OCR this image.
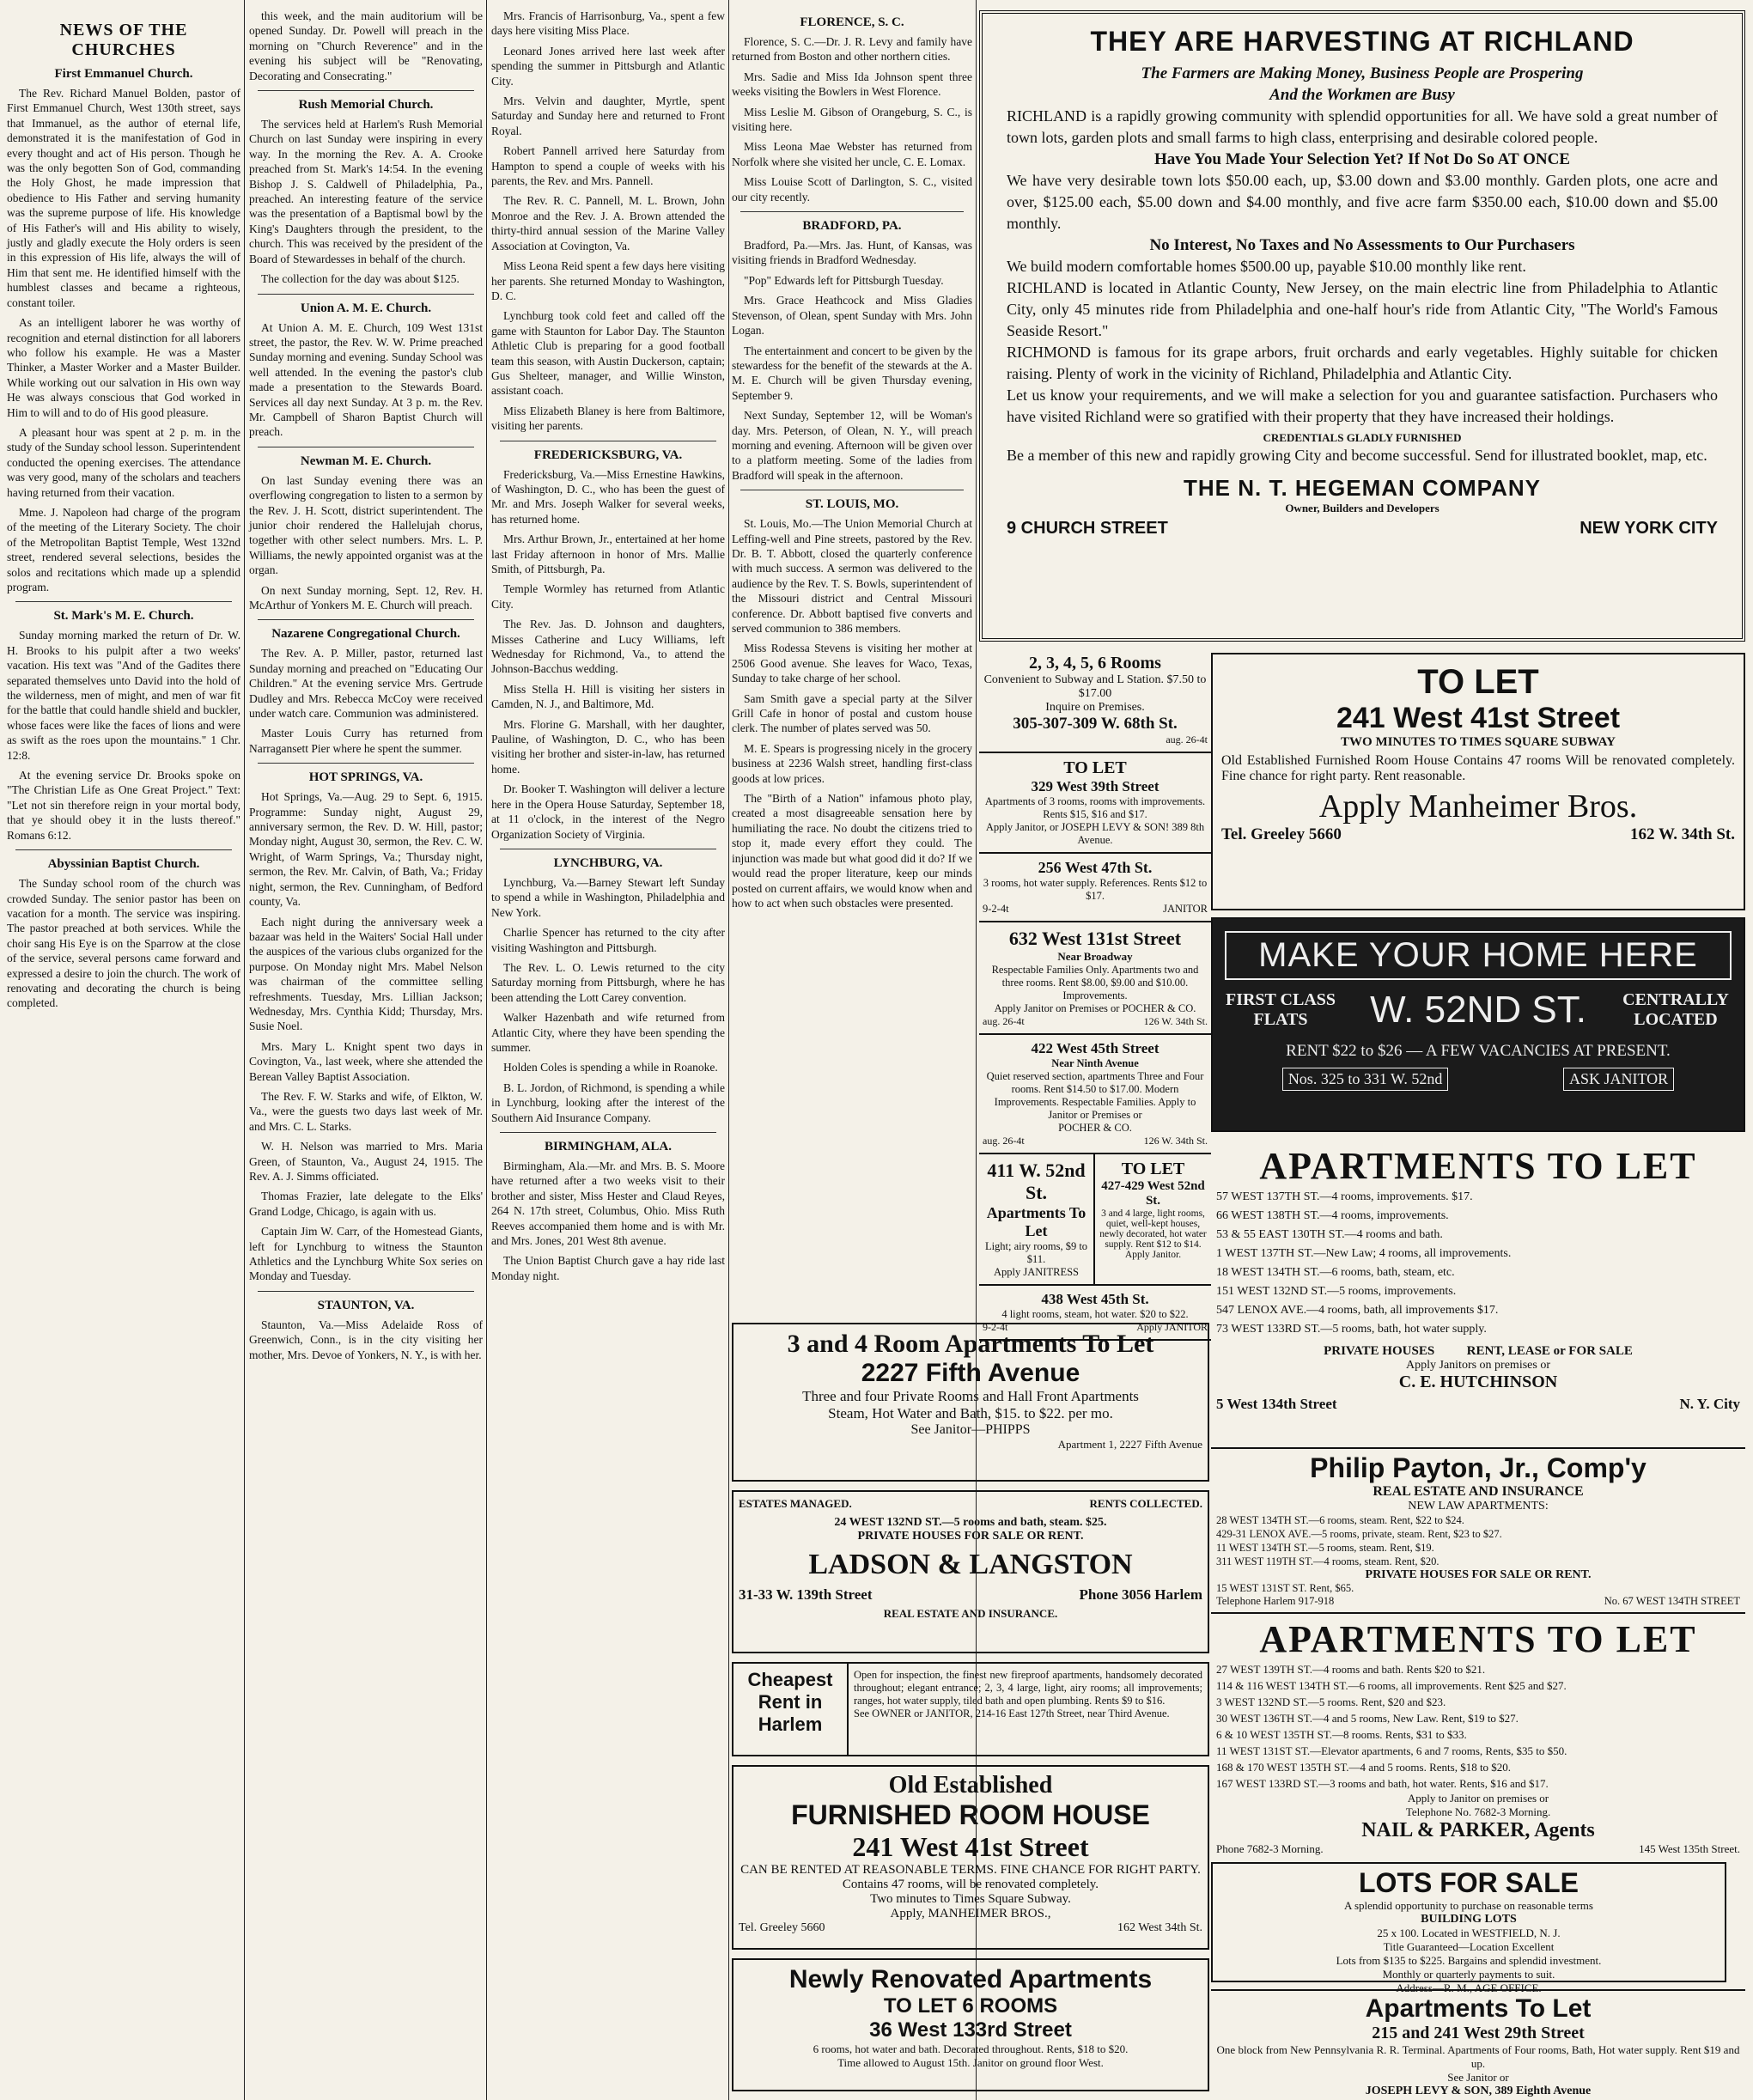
NEWS OF THE CHURCHES
First Emmanuel Church.

The Rev. Richard Manuel Bolden, pastor of First Emmanuel Church, West 130th street, says that Immanuel, as the author of eternal life, demonstrated it is the manifestation of God in every thought and act of His person. Though he was the only begotten Son of God, commanding the Holy Ghost, he made impression that obedience to His Father and serving humanity was the supreme purpose of life. His knowledge of His Father's will and His ability to wisely, justly and gladly execute the Holy orders is seen in this expression of His life, always the will of Him that sent me. He identified himself with the humblest classes and became a righteous, constant toiler.

As an intelligent laborer he was worthy of recognition and eternal distinction for all laborers who follow his example. He was a Master Thinker, a Master Worker and a Master Builder. While working out our salvation in His own way He was always conscious that God worked in Him to will and to do of His good pleasure.

A pleasant hour was spent at 2 p. m. in the study of the Sunday school lesson. Superintendent conducted the opening exercises. The attendance was very good, many of the scholars and teachers having returned from their vacation.

Mme. J. Napoleon had charge of the program of the meeting of the Literary Society. The choir of the Metropolitan Baptist Temple, West 132nd street, rendered several selections, besides the solos and recitations which made up a splendid program.

St. Mark's M. E. Church.

Sunday morning marked the return of Dr. W. H. Brooks to his pulpit after a two weeks' vacation. His text was "And of the Gadites there separated themselves unto David into the hold of the wilderness, men of might, and men of war fit for the battle that could handle shield and buckler, whose faces were like the faces of lions and were as swift as the roes upon the mountains." 1 Chr. 12:8.

At the evening service Dr. Brooks spoke on "The Christian Life as One Great Project." Text: "Let not sin therefore reign in your mortal body, that ye should obey it in the lusts thereof." Romans 6:12.

Abyssinian Baptist Church.

The Sunday school room of the church was crowded Sunday. The senior pastor has been on vacation for a month. The service was inspiring. The pastor preached at both services. While the choir sang His Eye is on the Sparrow at the close of the service, several persons came forward and expressed a desire to join the church. The work of renovating and decorating the church is being completed.

this week, and the main auditorium will be opened Sunday. Dr. Powell will preach in the morning on "Church Reverence" and in the evening his subject will be "Renovating, Decorating and Consecrating."

Rush Memorial Church.

The services held at Harlem's Rush Memorial Church on last Sunday were inspiring in every way. In the morning the Rev. A. A. Crooke preached from St. Mark's 14:54. In the evening Bishop J. S. Caldwell of Philadelphia, Pa., preached. An interesting feature of the service was the presentation of a Baptismal bowl by the King's Daughters through the president, to the church. This was received by the president of the Board of Stewardesses in behalf of the church.

The collection for the day was about $125.

Union A. M. E. Church.

At Union A. M. E. Church, 109 West 131st street, the pastor, the Rev. W. W. Prime preached Sunday morning and evening. Sunday School was well attended. In the evening the pastor's club made a presentation to the Stewards Board. Services all day next Sunday. At 3 p. m. the Rev. Mr. Campbell of Sharon Baptist Church will preach.

Newman M. E. Church.

On last Sunday evening there was an overflowing congregation to listen to a sermon by the Rev. J. H. Scott, district superintendent. The junior choir rendered the Hallelujah chorus, together with other select numbers. Mrs. L. P. Williams, the newly appointed organist was at the organ.

On next Sunday morning, Sept. 12, Rev. H. McArthur of Yonkers M. E. Church will preach.

Nazarene Congregational Church.

The Rev. A. P. Miller, pastor, returned last Sunday morning and preached on "Educating Our Children." At the evening service Mrs. Gertrude Dudley and Mrs. Rebecca McCoy were received under watch care. Communion was administered.

Master Louis Curry has returned from Narragansett Pier where he spent the summer.

HOT SPRINGS, VA.

Hot Springs, Va.—Aug. 29 to Sept. 6, 1915. Programme: Sunday night, August 29, anniversary sermon, the Rev. D. W. Hill, pastor; Monday night, August 30, sermon, the Rev. C. W. Wright, of Warm Springs, Va.; Thursday night, sermon, the Rev. Mr. Calvin, of Bath, Va.; Friday night, sermon, the Rev. Cunningham, of Bedford county, Va.

Each night during the anniversary week a bazaar was held in the Waiters' Social Hall under the auspices of the various clubs organized for the purpose. On Monday night Mrs. Mabel Nelson was chairman of the committee selling refreshments. Tuesday, Mrs. Lillian Jackson; Wednesday, Mrs. Cynthia Kidd; Thursday, Mrs. Susie Noel.

Mrs. Mary L. Knight spent two days in Covington, Va., last week, where she attended the Berean Valley Baptist Association.

The Rev. F. W. Starks and wife, of Elkton, W. Va., were the guests two days last week of Mr. and Mrs. C. L. Starks.

W. H. Nelson was married to Mrs. Maria Green, of Staunton, Va., August 24, 1915. The Rev. A. J. Simms officiated.

Thomas Frazier, late delegate to the Elks' Grand Lodge, Chicago, is again with us.

Captain Jim W. Carr, of the Homestead Giants, left for Lynchburg to witness the Staunton Athletics and the Lynchburg White Sox series on Monday and Tuesday.

STAUNTON, VA.

Staunton, Va.—Miss Adelaide Ross of Greenwich, Conn., is in the city visiting her mother, Mrs. Devoe of Yonkers, N. Y., is with her.

Mrs. Francis of Harrisonburg, Va., spent a few days here visiting Miss Place.

Leonard Jones arrived here last week after spending the summer in Pittsburgh and Atlantic City.

Mrs. Velvin and daughter, Myrtle, spent Saturday and Sunday here and returned to Front Royal.

Robert Pannell arrived here Saturday from Hampton to spend a couple of weeks with his parents, the Rev. and Mrs. Pannell.

The Rev. R. C. Pannell, M. L. Brown, John Monroe and the Rev. J. A. Brown attended the thirty-third annual session of the Marine Valley Association at Covington, Va.

Miss Leona Reid spent a few days here visiting her parents. She returned Monday to Washington, D. C.

Lynchburg took cold feet and called off the game with Staunton for Labor Day. The Staunton Athletic Club is preparing for a good football team this season, with Austin Duckerson, captain; Gus Shelteer, manager, and Willie Winston, assistant coach.

Miss Elizabeth Blaney is here from Baltimore, visiting her parents.

FREDERICKSBURG, VA.

Fredericksburg, Va.—Miss Ernestine Hawkins, of Washington, D. C., who has been the guest of Mr. and Mrs. Joseph Walker for several weeks, has returned home.

Mrs. Arthur Brown, Jr., entertained at her home last Friday afternoon in honor of Mrs. Mallie Smith, of Pittsburgh, Pa.

Temple Wormley has returned from Atlantic City.

The Rev. Jas. D. Johnson and daughters, Misses Catherine and Lucy Williams, left Wednesday for Richmond, Va., to attend the Johnson-Bacchus wedding.

Miss Stella H. Hill is visiting her sisters in Camden, N. J., and Baltimore, Md.

Mrs. Florine G. Marshall, with her daughter, Pauline, of Washington, D. C., who has been visiting her brother and sister-in-law, has returned home.

Dr. Booker T. Washington will deliver a lecture here in the Opera House Saturday, September 18, at 11 o'clock, in the interest of the Negro Organization Society of Virginia.

LYNCHBURG, VA.

Lynchburg, Va.—Barney Stewart left Sunday to spend a while in Washington, Philadelphia and New York.

Charlie Spencer has returned to the city after visiting Washington and Pittsburgh.

The Rev. L. O. Lewis returned to the city Saturday morning from Pittsburgh, where he has been attending the Lott Carey convention.

Walker Hazenbath and wife returned from Atlantic City, where they have been spending the summer.

Holden Coles is spending a while in Roanoke.

B. L. Jordon, of Richmond, is spending a while in Lynchburg, looking after the interest of the Southern Aid Insurance Company.

BIRMINGHAM, ALA.

Birmingham, Ala.—Mr. and Mrs. B. S. Moore have returned after a two weeks visit to their brother and sister, Miss Hester and Claud Reyes, 264 N. 17th street, Columbus, Ohio. Miss Ruth Reeves accompanied them home and is with Mr. and Mrs. Jones, 201 West 8th avenue.

The Union Baptist Church gave a hay ride last Monday night.

FLORENCE, S. C.

Florence, S. C.—Dr. J. R. Levy and family have returned from Boston and other northern cities.

Mrs. Sadie and Miss Ida Johnson spent three weeks visiting the Bowlers in West Florence.

Miss Leslie M. Gibson of Orangeburg, S. C., is visiting here.

Miss Leona Mae Webster has returned from Norfolk where she visited her uncle, C. E. Lomax.

Miss Louise Scott of Darlington, S. C., visited our city recently.

BRADFORD, PA.

Bradford, Pa.—Mrs. Jas. Hunt, of Kansas, was visiting friends in Bradford Wednesday.

"Pop" Edwards left for Pittsburgh Tuesday.

Mrs. Grace Heathcock and Miss Gladies Stevenson, of Olean, spent Sunday with Mrs. John Logan.

The entertainment and concert to be given by the stewardess for the benefit of the stewards at the A. M. E. Church will be given Thursday evening, September 9.

Next Sunday, September 12, will be Woman's day. Mrs. Peterson, of Olean, N. Y., will preach morning and evening. Afternoon will be given over to a platform meeting. Some of the ladies from Bradford will speak in the afternoon.

ST. LOUIS, MO.

St. Louis, Mo.—The Union Memorial Church at Leffing-well and Pine streets, pastored by the Rev. Dr. B. T. Abbott, closed the quarterly conference with much success. A sermon was delivered to the audience by the Rev. T. S. Bowls, superintendent of the Missouri district and Central Missouri conference. Dr. Abbott baptised five converts and served communion to 386 members.

Miss Rodessa Stevens is visiting her mother at 2506 Good avenue. She leaves for Waco, Texas, Sunday to take charge of her school.

Sam Smith gave a special party at the Silver Grill Cafe in honor of postal and custom house clerk. The number of plates served was 50.

M. E. Spears is progressing nicely in the grocery business at 2236 Walsh street, handling first-class goods at low prices.

The "Birth of a Nation" infamous photo play, created a most disagreeable sensation here by humiliating the race. No doubt the citizens tried to stop it, made every effort they could. The injunction was made but what good did it do? If we would read the proper literature, keep our minds posted on current affairs, we would know when and how to act when such obstacles were presented.

THEY ARE HARVESTING AT RICHLAND
The Farmers are Making Money, Business People are Prospering
And the Workmen are Busy
RICHLAND is a rapidly growing community with splendid opportunities for all. We have sold a great number of town lots, garden plots and small farms to high class, enterprising and desirable colored people.
Have You Made Your Selection Yet? If Not Do So AT ONCE
We have very desirable town lots $50.00 each, up, $3.00 down and $3.00 monthly. Garden plots, one acre and over, $125.00 each, $5.00 down and $4.00 monthly, and five acre farm $350.00 each, $10.00 down and $5.00 monthly.
No Interest, No Taxes and No Assessments to Our Purchasers
We build modern comfortable homes $500.00 up, payable $10.00 monthly like rent.
RICHLAND is located in Atlantic County, New Jersey, on the main electric line from Philadelphia to Atlantic City, only 45 minutes ride from Philadelphia and one-half hour's ride from Atlantic City, "The World's Famous Seaside Resort."
RICHMOND is famous for its grape arbors, fruit orchards and early vegetables. Highly suitable for chicken raising. Plenty of work in the vicinity of Richland, Philadelphia and Atlantic City.
Let us know your requirements, and we will make a selection for you and guarantee satisfaction. Purchasers who have visited Richland were so gratified with their property that they have increased their holdings.
CREDENTIALS GLADLY FURNISHED
Be a member of this new and rapidly growing City and become successful. Send for illustrated booklet, map, etc.
THE N. T. HEGEMAN COMPANY
Owner, Builders and Developers
9 CHURCH STREET	NEW YORK CITY
2, 3, 4, 5, 6 Rooms
Convenient to Subway and L Station. $7.50 to $17.00
Inquire on Premises.
305-307-309 W. 68th St.
aug. 26-4t
TO LET
329 West 39th Street
Apartments of 3 rooms, rooms with improvements. Rents $15, $16 and $17.
Apply Janitor, or JOSEPH LEVY & SON! 389 8th Avenue.
256 West 47th St.
3 rooms, hot water supply. References. Rents $12 to $17.
9-2-4t	JANITOR
632 West 131st Street
Near Broadway
Respectable Families Only. Apartments two and three rooms. Rent $8.00, $9.00 and $10.00. Improvements.
Apply Janitor on Premises or POCHER & CO.
aug. 26-4t	126 W. 34th St.
422 West 45th Street
Near Ninth Avenue
Quiet reserved section, apartments Three and Four rooms. Rent $14.50 to $17.00. Modern Improvements. Respectable Families. Apply to Janitor or Premises or
POCHER & CO.
aug. 26-4t	126 W. 34th St.
411 W. 52nd St.
Apartments To Let
Light; airy rooms, $9 to $11.
Apply JANITRESS
TO LET
427-429 West 52nd St.
3 and 4 large, light rooms, quiet, well-kept houses, newly decorated, hot water supply. Rent $12 to $14.
Apply Janitor.
438 West 45th St.
4 light rooms, steam, hot water. $20 to $22.
9-2-4t	Apply JANITOR
3 and 4 Room Apartments To Let
2227 Fifth Avenue
Three and four Private Rooms and Hall Front Apartments
Steam, Hot Water and Bath, $15. to $22. per mo.
See Janitor—PHIPPS
Apartment 1, 2227 Fifth Avenue
ESTATES MANAGED.	RENTS COLLECTED.
24 WEST 132ND ST.—5 rooms and bath, steam. $25.
PRIVATE HOUSES FOR SALE OR RENT.
LADSON & LANGSTON
31-33 W. 139th Street	Phone 3056 Harlem
REAL ESTATE AND INSURANCE.
Cheapest Rent in Harlem
Open for inspection, the finest new fireproof apartments, handsomely decorated throughout; elegant entrance; 2, 3, 4 large, light, airy rooms; all improvements; ranges, hot water supply, tiled bath and open plumbing. Rents $9 to $16.
See OWNER or JANITOR, 214-16 East 127th Street, near Third Avenue.
Old Established
FURNISHED ROOM HOUSE
241 West 41st Street
CAN BE RENTED AT REASONABLE TERMS. FINE CHANCE FOR RIGHT PARTY.
Contains 47 rooms, will be renovated completely.
Two minutes to Times Square Subway.
Apply, MANHEIMER BROS.,
Tel. Greeley 5660	162 West 34th St.
Newly Renovated Apartments
TO LET 6 ROOMS
36 West 133rd Street
6 rooms, hot water and bath. Decorated throughout. Rents, $18 to $20.
Time allowed to August 15th. Janitor on ground floor West.
TO LET
241 West 41st Street
TWO MINUTES TO TIMES SQUARE SUBWAY
Old Established Furnished Room House Contains 47 rooms Will be renovated completely. Fine chance for right party. Rent reasonable.
Apply Manheimer Bros.
Tel. Greeley 5660	162 W. 34th St.
MAKE YOUR HOME HERE
FIRST CLASS FLATS	W. 52ND ST. CENTRALLY LOCATED
RENT $22 to $26 — A FEW VACANCIES AT PRESENT.
Nos. 325 to 331 W. 52nd	ASK JANITOR
APARTMENTS TO LET
57 WEST 137TH ST.—4 rooms, improvements. $17.
66 WEST 138TH ST.—4 rooms, improvements.
53 & 55 EAST 130TH ST.—4 rooms and bath.
1 WEST 137TH ST.—New Law; 4 rooms, all improvements.
18 WEST 134TH ST.—6 rooms, bath, steam, etc.
151 WEST 132ND ST.—5 rooms, improvements.
547 LENOX AVE.—4 rooms, bath, all improvements $17.
73 WEST 133RD ST.—5 rooms, bath, hot water supply.
PRIVATE HOUSES          RENT, LEASE or FOR SALE
Apply Janitors on premises or
C. E. HUTCHINSON
5 West 134th Street	N. Y. City
Philip Payton, Jr., Comp'y
REAL ESTATE AND INSURANCE
NEW LAW APARTMENTS:
28 WEST 134TH ST.—6 rooms, steam. Rent, $22 to $24.
429-31 LENOX AVE.—5 rooms, private, steam. Rent, $23 to $27.
11 WEST 134TH ST.—5 rooms, steam. Rent, $19.
311 WEST 119TH ST.—4 rooms, steam. Rent, $20.
PRIVATE HOUSES FOR SALE OR RENT.
15 WEST 131ST ST. Rent, $65.
Telephone Harlem 917-918	No. 67 WEST 134TH STREET
APARTMENTS TO LET
27 WEST 139TH ST.—4 rooms and bath. Rents $20 to $21.
114 & 116 WEST 134TH ST.—6 rooms, all improvements. Rent $25 and $27.
3 WEST 132ND ST.—5 rooms. Rent, $20 and $23.
30 WEST 136TH ST.—4 and 5 rooms, New Law. Rent, $19 to $27.
6 & 10 WEST 135TH ST.—8 rooms. Rents, $31 to $33.
11 WEST 131ST ST.—Elevator apartments, 6 and 7 rooms, Rents, $35 to $50.
168 & 170 WEST 135TH ST.—4 and 5 rooms. Rents, $18 to $20.
167 WEST 133RD ST.—3 rooms and bath, hot water. Rents, $16 and $17.
Apply to Janitor on premises or
Telephone No. 7682-3 Morning.
NAIL & PARKER, Agents
Phone 7682-3 Morning.	145 West 135th Street.
LOTS FOR SALE
A splendid opportunity to purchase on reasonable terms
BUILDING LOTS
25 x 100. Located in WESTFIELD, N. J.
Title Guaranteed—Location Excellent
Lots from $135 to $225. Bargains and splendid investment.
Monthly or quarterly payments to suit.
Address—R. M., AGE OFFICE.
Apartments To Let
215 and 241 West 29th Street
One block from New Pennsylvania R. R. Terminal. Apartments of Four rooms, Bath, Hot water supply. Rent $19 and up.
See Janitor or
JOSEPH LEVY & SON, 389 Eighth Avenue
